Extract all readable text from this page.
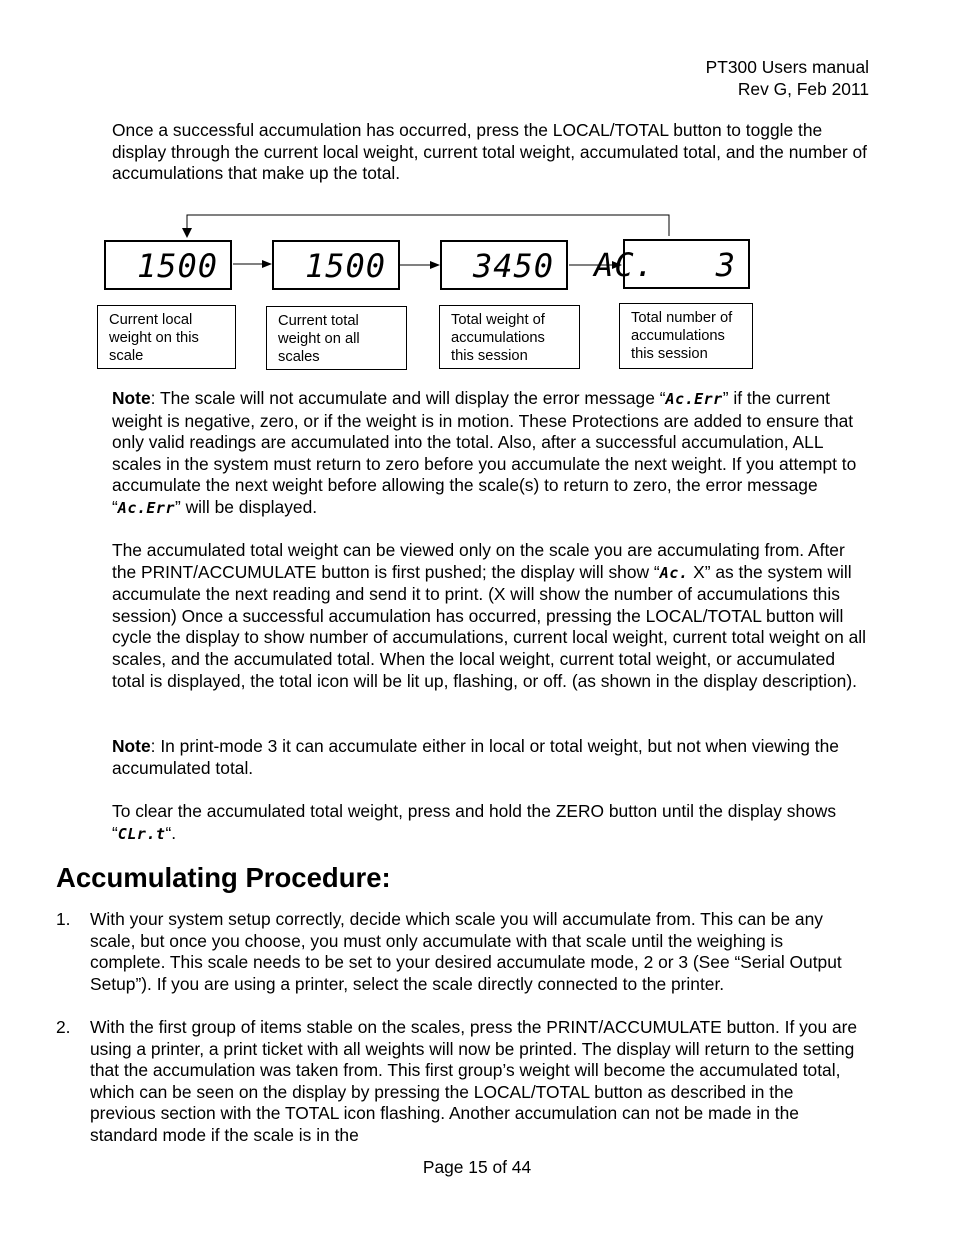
PT300 Users manual
Rev G, Feb 2011

Once a successful accumulation has occurred, press the LOCAL/TOTAL button to toggle the display through the current local weight, current total weight, accumulated total, and the number of accumulations that make up the total.

1500	1500	3450 AC.   3
Current local weight on this scale
Current total weight on all scales
Total weight of accumulations this session
Total number of accumulations this session

Note: The scale will not accumulate and will display the error message “Ac.Err” if the current weight is negative, zero, or if the weight is in motion. These Protections are added to ensure that only valid readings are accumulated into the total. Also, after a successful accumulation, ALL scales in the system must return to zero before you accumulate the next weight. If you attempt to accumulate the next weight before allowing the scale(s) to return to zero, the error message “Ac.Err” will be displayed.

The accumulated total weight can be viewed only on the scale you are accumulating from. After the PRINT/ACCUMULATE button is first pushed; the display will show “Ac. X” as the system will accumulate the next reading and send it to print. (X will show the number of accumulations this session) Once a successful accumulation has occurred, pressing the LOCAL/TOTAL button will cycle the display to show number of accumulations, current local weight, current total weight on all scales, and the accumulated total. When the local weight, current total weight, or accumulated total is displayed, the total icon will be lit up, flashing, or off. (as shown in the display description).

Note: In print-mode 3 it can accumulate either in local or total weight, but not when viewing the accumulated total.

To clear the accumulated total weight, press and hold the ZERO button until the display shows “CLr.t“.

Accumulating Procedure:
1. With your system setup correctly, decide which scale you will accumulate from. This can be any scale, but once you choose, you must only accumulate with that scale until the weighing is complete. This scale needs to be set to your desired accumulate mode, 2 or 3 (See “Serial Output Setup”). If you are using a printer, select the scale directly connected to the printer.
2. With the first group of items stable on the scales, press the PRINT/ACCUMULATE button. If you are using a printer, a print ticket with all weights will now be printed. The display will return to the setting that the accumulation was taken from. This first group’s weight will become the accumulated total, which can be seen on the display by pressing the LOCAL/TOTAL button as described in the previous section with the TOTAL icon flashing. Another accumulation can not be made in the standard mode if the scale is in the
Page 15 of 44
